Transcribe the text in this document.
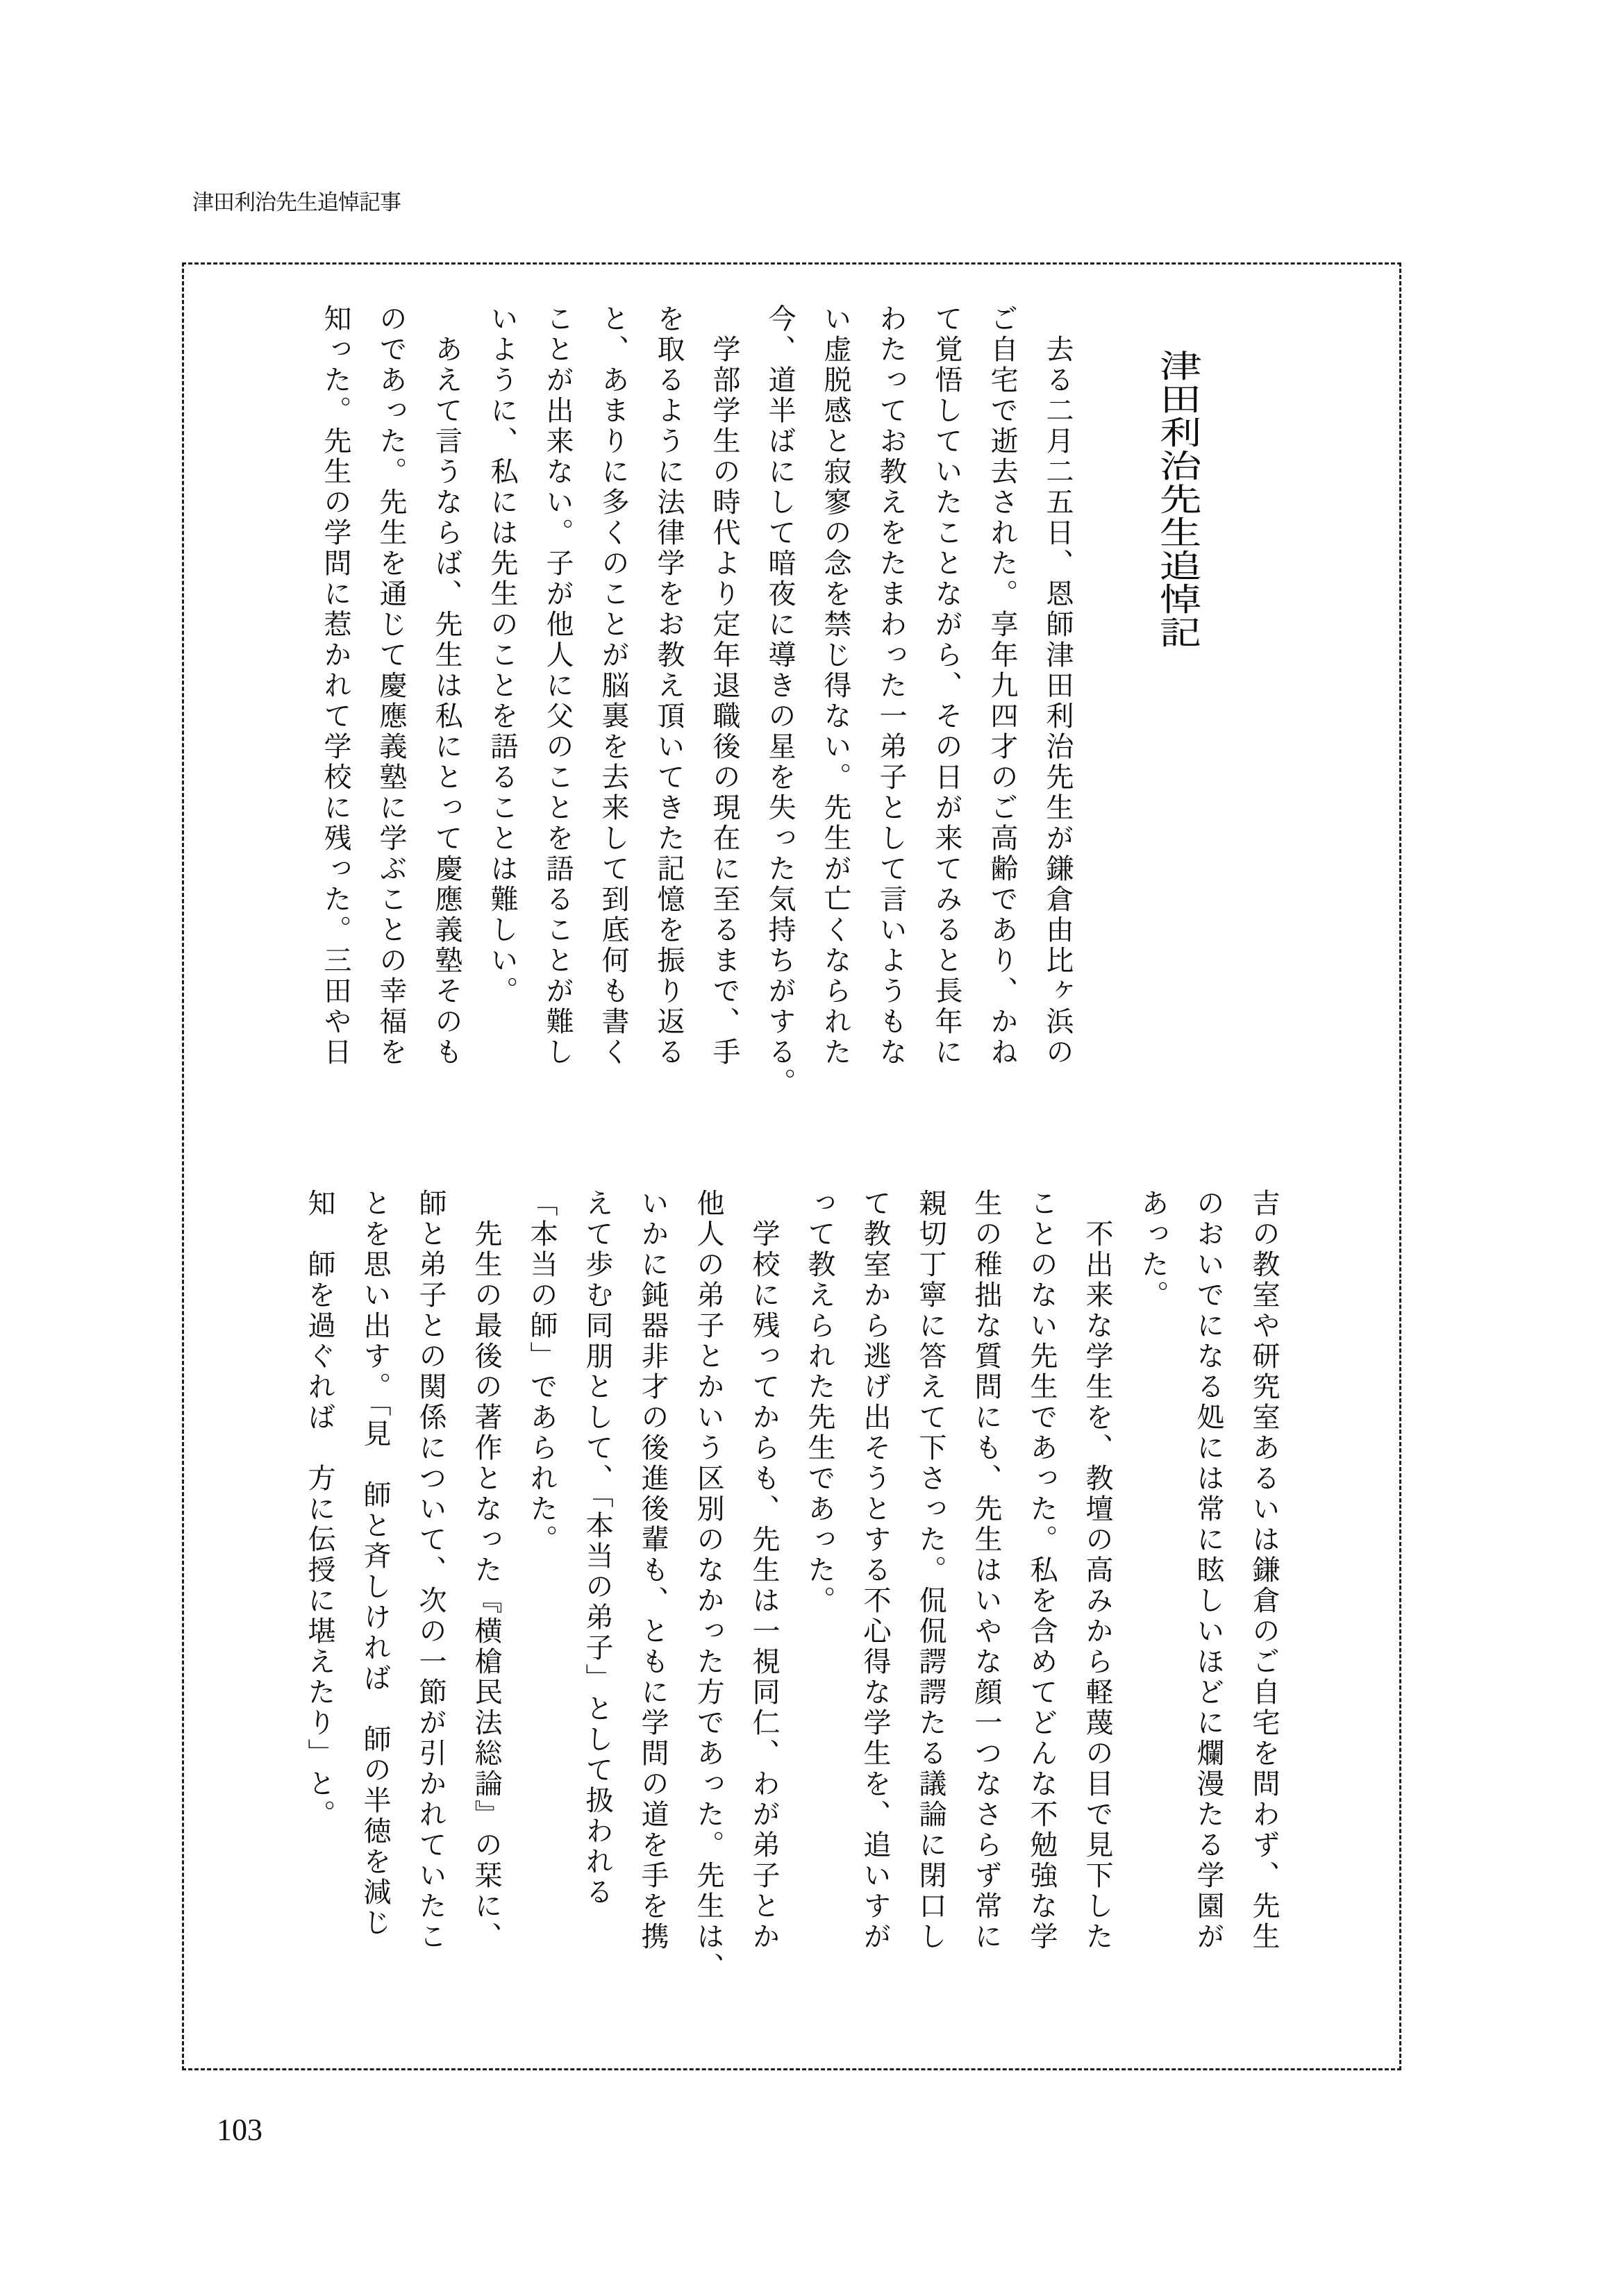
津田利治先生追悼記事
津田利治先生追悼記
　去る二月二五日、恩師津田利治先生が鎌倉由比ヶ浜の
ご自宅で逝去された。享年九四才のご高齢であり、かね
て覚悟していたことながら、その日が来てみると長年に
わたってお教えをたまわった一弟子として言いようもな
い虚脱感と寂寥の念を禁じ得ない。先生が亡くなられた
今、道半ばにして暗夜に導きの星を失った気持ちがする。
　学部学生の時代より定年退職後の現在に至るまで、手
を取るように法律学をお教え頂いてきた記憶を振り返る
と、あまりに多くのことが脳裏を去来して到底何も書く
ことが出来ない。子が他人に父のことを語ることが難し
いように、私には先生のことを語ることは難しい。
　あえて言うならば、先生は私にとって慶應義塾そのも
のであった。先生を通じて慶應義塾に学ぶことの幸福を
知った。先生の学問に惹かれて学校に残った。三田や日
吉の教室や研究室あるいは鎌倉のご自宅を問わず、先生
のおいでになる処には常に眩しいほどに爛漫たる学園が
あった。
　不出来な学生を、教壇の高みから軽蔑の目で見下した
ことのない先生であった。私を含めてどんな不勉強な学
生の稚拙な質問にも、先生はいやな顔一つなさらず常に
親切丁寧に答えて下さった。侃侃諤諤たる議論に閉口し
て教室から逃げ出そうとする不心得な学生を、追いすが
って教えられた先生であった。
　学校に残ってからも、先生は一視同仁、わが弟子とか
他人の弟子とかいう区別のなかった方であった。先生は、
いかに鈍器非才の後進後輩も、ともに学問の道を手を携
えて歩む同朋として、「本当の弟子」として扱われる
「本当の師」であられた。
　先生の最後の著作となった『横槍民法総論』の栞に、
師と弟子との関係について、次の一節が引かれていたこ
とを思い出す。「見　師と斉しければ　師の半徳を減じ
知　師を過ぐれば　方に伝授に堪えたり」と。
103
